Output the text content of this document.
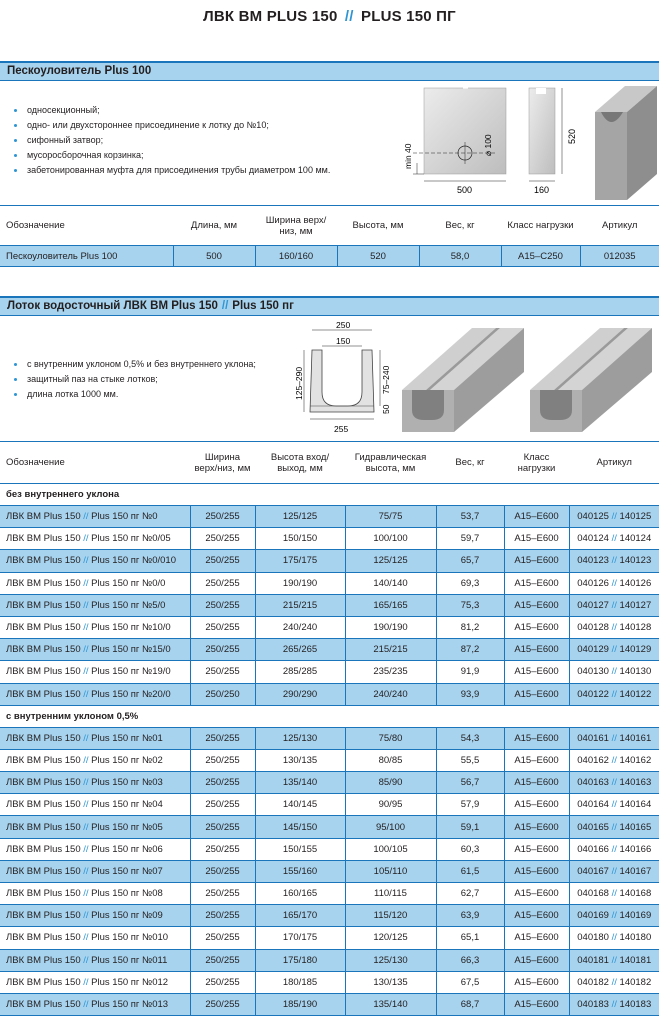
ЛВК ВМ PLUS 150 // PLUS 150 ПГ
Пескоуловитель Plus 100
односекционный;
одно- или двухстороннее присоединение к лотку до №10;
сифонный затвор;
мусоросборочная корзинка;
забетонированная муфта для присоединения трубы диаметром 100 мм.
min 40	⌀ 100
500	160
520
Обозначение	Длина, мм	Ширина верх/низ, мм	Высота, мм	Вес, кг	Класс нагрузки	Артикул
Пескоуловитель Plus 100	500	160/160	520	58,0	A15–C250	012035
Лоток водосточный ЛВК ВМ Plus 150 // Plus 150 пг
с внутренним уклоном 0,5% и без внутреннего уклона;
защитный паз на стыке лотков;
длина лотка 1000 мм.
250
150
255
125–290	75–240
50
Обозначение	Ширина верх/низ, мм	Высота вход/выход, мм	Гидравлическая высота, мм	Вес, кг	Класс нагрузки	Артикул
без внутреннего уклона						
ЛВК ВМ Plus 150 // Plus 150 пг №0	250/255	125/125	75/75	53,7	A15–E600	040125 // 140125
ЛВК ВМ Plus 150 // Plus 150 пг №0/05	250/255	150/150	100/100	59,7	A15–E600	040124 // 140124
ЛВК ВМ Plus 150 // Plus 150 пг №0/010	250/255	175/175	125/125	65,7	A15–E600	040123 // 140123
ЛВК ВМ Plus 150 // Plus 150 пг №0/0	250/255	190/190	140/140	69,3	A15–E600	040126 // 140126
ЛВК ВМ Plus 150 // Plus 150 пг №5/0	250/255	215/215	165/165	75,3	A15–E600	040127 // 140127
ЛВК ВМ Plus 150 // Plus 150 пг №10/0	250/255	240/240	190/190	81,2	A15–E600	040128 // 140128
ЛВК ВМ Plus 150 // Plus 150 пг №15/0	250/255	265/265	215/215	87,2	A15–E600	040129 // 140129
ЛВК ВМ Plus 150 // Plus 150 пг №19/0	250/255	285/285	235/235	91,9	A15–E600	040130 // 140130
ЛВК ВМ Plus 150 // Plus 150 пг №20/0	250/250	290/290	240/240	93,9	A15–E600	040122 // 140122
с внутренним уклоном 0,5%						
ЛВК ВМ Plus 150 // Plus 150 пг №01	250/255	125/130	75/80	54,3	A15–E600	040161 // 140161
ЛВК ВМ Plus 150 // Plus 150 пг №02	250/255	130/135	80/85	55,5	A15–E600	040162 // 140162
ЛВК ВМ Plus 150 // Plus 150 пг №03	250/255	135/140	85/90	56,7	A15–E600	040163 // 140163
ЛВК ВМ Plus 150 // Plus 150 пг №04	250/255	140/145	90/95	57,9	A15–E600	040164 // 140164
ЛВК ВМ Plus 150 // Plus 150 пг №05	250/255	145/150	95/100	59,1	A15–E600	040165 // 140165
ЛВК ВМ Plus 150 // Plus 150 пг №06	250/255	150/155	100/105	60,3	A15–E600	040166 // 140166
ЛВК ВМ Plus 150 // Plus 150 пг №07	250/255	155/160	105/110	61,5	A15–E600	040167 // 140167
ЛВК ВМ Plus 150 // Plus 150 пг №08	250/255	160/165	110/115	62,7	A15–E600	040168 // 140168
ЛВК ВМ Plus 150 // Plus 150 пг №09	250/255	165/170	115/120	63,9	A15–E600	040169 // 140169
ЛВК ВМ Plus 150 // Plus 150 пг №010	250/255	170/175	120/125	65,1	A15–E600	040180 // 140180
ЛВК ВМ Plus 150 // Plus 150 пг №011	250/255	175/180	125/130	66,3	A15–E600	040181 // 140181
ЛВК ВМ Plus 150 // Plus 150 пг №012	250/255	180/185	130/135	67,5	A15–E600	040182 // 140182
ЛВК ВМ Plus 150 // Plus 150 пг №013	250/255	185/190	135/140	68,7	A15–E600	040183 // 140183
